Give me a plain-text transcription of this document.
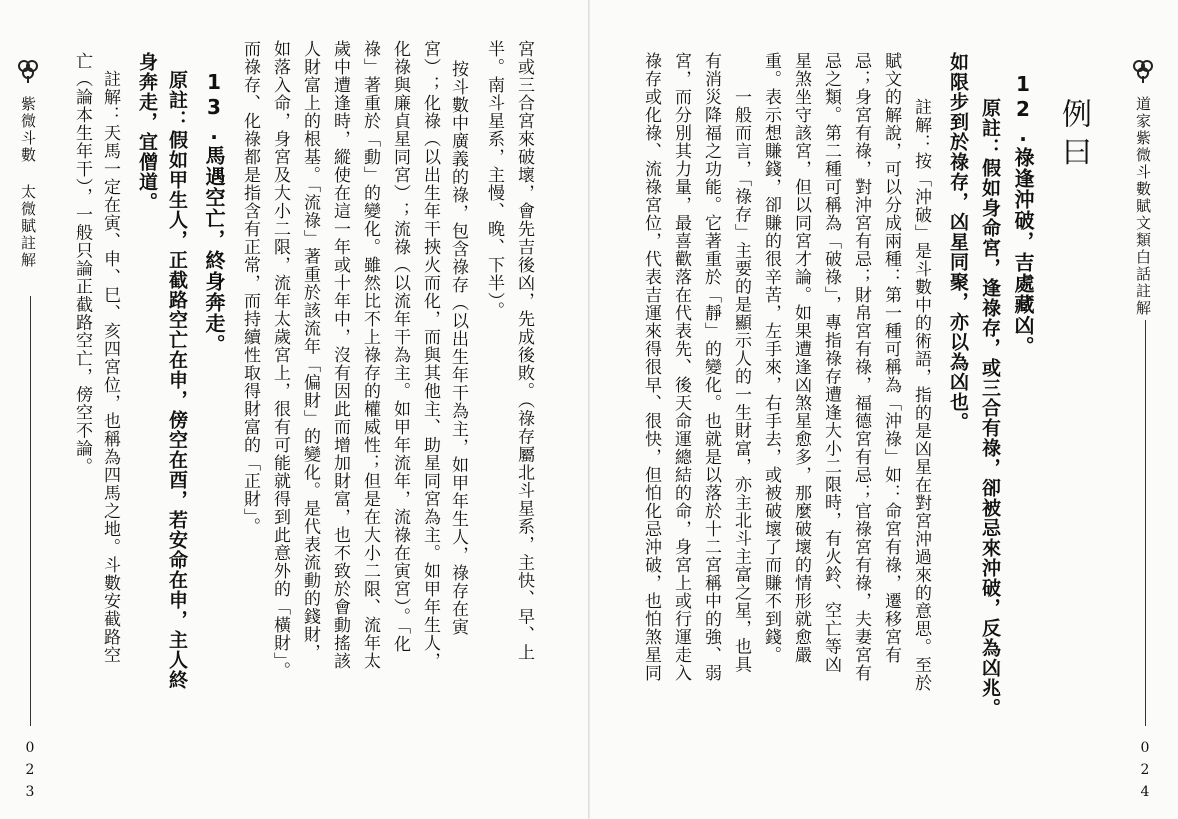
紫微斗數 太微賦註解
023
宮或三合宮來破壞，會先吉後凶，先成後敗。（祿存屬北斗星系，主快、早、上
半。南斗星系，主慢、晚、下半）。
按斗數中廣義的祿，包含祿存（以出生年干為主，如甲年生人，祿存在寅
宮）；化祿（以出生年干挾火而化，而與其他主、助星同宮為主。如甲年生人，
化祿與廉貞星同宮）；流祿（以流年干為主。如甲年流年，流祿在寅宮）。「化
祿」著重於「動」的變化。雖然比不上祿存的權威性；但是在大小二限、流年太
歲中遭逢時，縱使在這一年或十年中，沒有因此而增加財富，也不致於會動搖該
人財富上的根基。「流祿」著重於該流年「偏財」的變化。是代表流動的錢財，
如落入命，身宮及大小二限，流年太歲宮上，很有可能就得到此意外的「橫財」。
而祿存、化祿都是指含有正常，而持續性取得財富的「正財」。
13.馬遇空亡，終身奔走。
原註：假如甲生人，正截路空亡在申，傍空在酉，若安命在申，主人終
身奔走，宜僧道。
註解：天馬一定在寅、申、巳、亥四宮位，也稱為四馬之地。斗數安截路空
亡（論本生年干），一般只論正截路空亡，傍空不論。	道家紫微斗數賦文類白話註解
024
例曰
12.祿逢沖破，吉處藏凶。
原註：假如身命宮，逢祿存，或三合有祿，卻被忌來沖破，反為凶兆。
如限步到於祿存，凶星同聚，亦以為凶也。
註解：按「沖破」是斗數中的術語，指的是凶星在對宮沖過來的意思。至於
賦文的解說，可以分成兩種：第一種可稱為「沖祿」如：命宮有祿，遷移宮有
忌；身宮有祿，對沖宮有忌；財帛宮有祿，福德宮有忌；官祿宮有祿，夫妻宮有
忌之類。第二種可稱為「破祿」，專指祿存遭逢大小二限時，有火鈴、空亡等凶
星煞坐守該宮，但以同宮才論。如果遭逢凶煞星愈多，那麼破壞的情形就愈嚴
重。表示想賺錢，卻賺的很辛苦，左手來，右手去，或被破壞了而賺不到錢。
一般而言，「祿存」主要的是顯示人的一生財富，亦主北斗主富之星，也具
有消災降福之功能。它著重於「靜」的變化。也就是以落於十二宮稱中的強、弱
宮，而分別其力量，最喜歡落在代表先、後天命運總結的命，身宮上或行運走入
祿存或化祿、流祿宮位，代表吉運來得很早、很快，但怕化忌沖破，也怕煞星同
